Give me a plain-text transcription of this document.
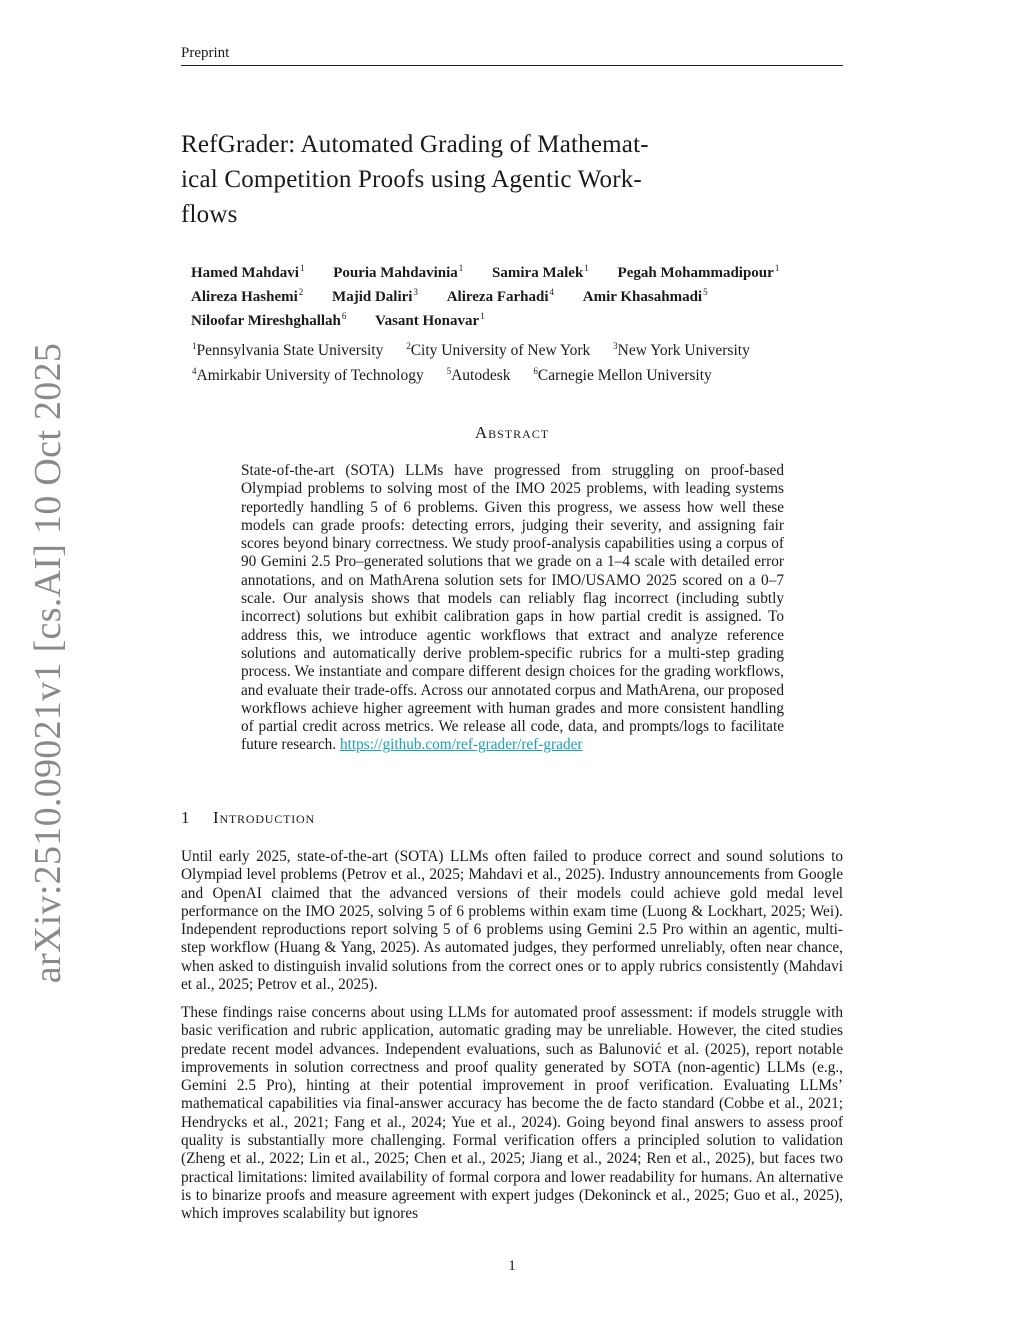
Preprint
arXiv:2510.09021v1 [cs.AI] 10 Oct 2025
RefGrader: Automated Grading of Mathemat-
ical Competition Proofs using Agentic Work-
flows
Hamed Mahdavi$^1$ Pouria Mahdavinia$^1$ Samira Malek$^1$ Pegah Mohammadipour$^1$
Alireza Hashemi$^2$ Majid Daliri$^3$ Alireza Farhadi$^4$ Amir Khasahmadi$^5$
Niloofar Mireshghallah$^6$ Vasant Honavar$^1$
$^1$Pennsylvania State University	$^2$City University of New York	$^3$New York University
$^4$Amirkabir University of Technology	$^5$Autodesk	$^6$Carnegie Mellon University
Abstract
State-of-the-art (SOTA) LLMs have progressed from struggling on proof-based Olympiad problems to solving most of the IMO 2025 problems, with leading systems reportedly handling 5 of 6 problems. Given this progress, we assess how well these models can grade proofs: detecting errors, judging their severity, and assigning fair scores beyond binary correctness. We study proof-analysis capabilities using a corpus of 90 Gemini 2.5 Pro–generated solutions that we grade on a 1–4 scale with detailed error annotations, and on MathArena solution sets for IMO/USAMO 2025 scored on a 0–7 scale. Our analysis shows that models can reliably flag incorrect (including subtly incorrect) solutions but exhibit calibration gaps in how partial credit is assigned. To address this, we introduce agentic workflows that extract and analyze reference solutions and automatically derive problem-specific rubrics for a multi-step grading process. We instantiate and compare different design choices for the grading workflows, and evaluate their trade-offs. Across our annotated corpus and MathArena, our proposed workflows achieve higher agreement with human grades and more consistent handling of partial credit across metrics. We release all code, data, and prompts/logs to facilitate future research. https://github.com/ref-grader/ref-grader
1 Introduction

Until early 2025, state-of-the-art (SOTA) LLMs often failed to produce correct and sound solutions to Olympiad level problems (Petrov et al., 2025; Mahdavi et al., 2025). Industry announcements from Google and OpenAI claimed that the advanced versions of their models could achieve gold medal level performance on the IMO 2025, solving 5 of 6 problems within exam time (Luong & Lockhart, 2025; Wei). Independent reproductions report solving 5 of 6 problems using Gemini 2.5 Pro within an agentic, multi-step workflow (Huang & Yang, 2025). As automated judges, they performed unreliably, often near chance, when asked to distinguish invalid solutions from the correct ones or to apply rubrics consistently (Mahdavi et al., 2025; Petrov et al., 2025).

These findings raise concerns about using LLMs for automated proof assessment: if models struggle with basic verification and rubric application, automatic grading may be unreliable. However, the cited studies predate recent model advances. Independent evaluations, such as Balunović et al. (2025), report notable improvements in solution correctness and proof quality generated by SOTA (non-agentic) LLMs (e.g., Gemini 2.5 Pro), hinting at their potential improvement in proof verification. Evaluating LLMs’ mathematical capabilities via final-answer accuracy has become the de facto standard (Cobbe et al., 2021; Hendrycks et al., 2021; Fang et al., 2024; Yue et al., 2024). Going beyond final answers to assess proof quality is substantially more challenging. Formal verification offers a principled solution to validation (Zheng et al., 2022; Lin et al., 2025; Chen et al., 2025; Jiang et al., 2024; Ren et al., 2025), but faces two practical limitations: limited availability of formal corpora and lower readability for humans. An alternative is to binarize proofs and measure agreement with expert judges (Dekoninck et al., 2025; Guo et al., 2025), which improves scalability but ignores

1
